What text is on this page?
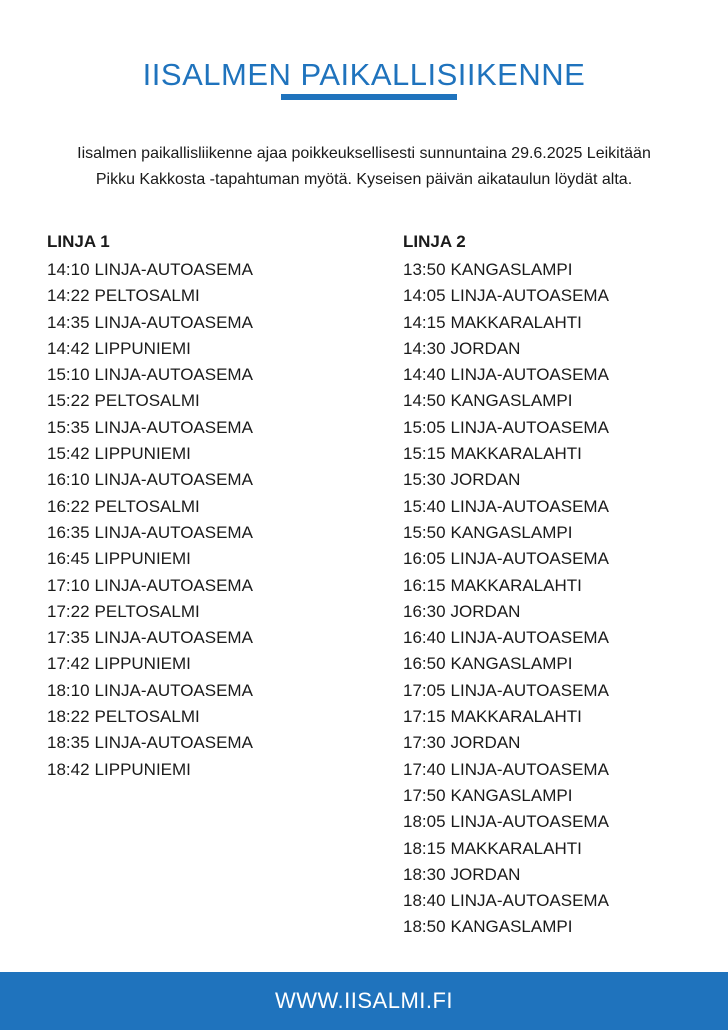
IISALMEN PAIKALLISIIKENNE

Iisalmen paikallisliikenne ajaa poikkeuksellisesti sunnuntaina 29.6.2025 Leikitään

Pikku Kakkosta -tapahtuman myötä. Kyseisen päivän aikataulun löydät alta.

LINJA 1
14:10 LINJA-AUTOASEMA
14:22 PELTOSALMI
14:35 LINJA-AUTOASEMA
14:42 LIPPUNIEMI
15:10 LINJA-AUTOASEMA
15:22 PELTOSALMI
15:35 LINJA-AUTOASEMA
15:42 LIPPUNIEMI
16:10 LINJA-AUTOASEMA
16:22 PELTOSALMI
16:35 LINJA-AUTOASEMA
16:45 LIPPUNIEMI
17:10 LINJA-AUTOASEMA
17:22 PELTOSALMI
17:35 LINJA-AUTOASEMA
17:42 LIPPUNIEMI
18:10 LINJA-AUTOASEMA
18:22 PELTOSALMI
18:35 LINJA-AUTOASEMA
18:42 LIPPUNIEMI
LINJA 2
13:50 KANGASLAMPI
14:05 LINJA-AUTOASEMA
14:15 MAKKARALAHTI
14:30 JORDAN
14:40 LINJA-AUTOASEMA
14:50 KANGASLAMPI
15:05 LINJA-AUTOASEMA
15:15 MAKKARALAHTI
15:30 JORDAN
15:40 LINJA-AUTOASEMA
15:50 KANGASLAMPI
16:05 LINJA-AUTOASEMA
16:15 MAKKARALAHTI
16:30 JORDAN
16:40 LINJA-AUTOASEMA
16:50 KANGASLAMPI
17:05 LINJA-AUTOASEMA
17:15 MAKKARALAHTI
17:30 JORDAN
17:40 LINJA-AUTOASEMA
17:50 KANGASLAMPI
18:05 LINJA-AUTOASEMA
18:15 MAKKARALAHTI
18:30 JORDAN
18:40 LINJA-AUTOASEMA
18:50 KANGASLAMPI
WWW.IISALMI.FI
